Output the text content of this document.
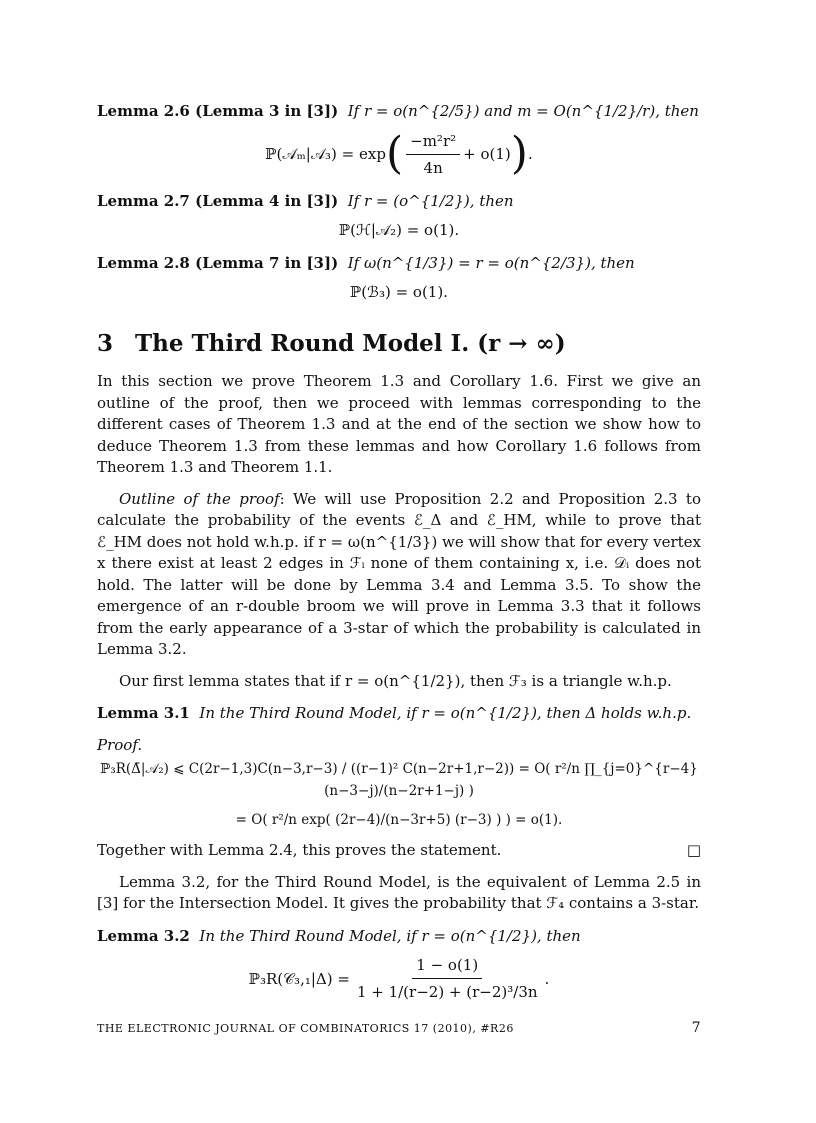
Lemma 2.6 (Lemma 3 in [3]) If r = o(n^{2/5}) and m = O(n^{1/2}/r), then
ℙ(𝒜ₘ|𝒜₃) = exp ( $\frac{\text{−m²r²}}{4n} + o(1)$ ) .
Lemma 2.7 (Lemma 4 in [3]) If r = (o^{1/2}), then
ℙ(ℋ|𝒜₂) = o(1).
Lemma 2.8 (Lemma 7 in [3]) If ω(n^{1/3}) = r = o(n^{2/3}), then
ℙ(ℬ₃) = o(1).
3 The Third Round Model I. (r → ∞)

In this section we prove Theorem 1.3 and Corollary 1.6. First we give an outline of the proof, then we proceed with lemmas corresponding to the different cases of Theorem 1.3 and at the end of the section we show how to deduce Theorem 1.3 from these lemmas and how Corollary 1.6 follows from Theorem 1.3 and Theorem 1.1.

Outline of the proof: We will use Proposition 2.2 and Proposition 2.3 to calculate the probability of the events ℰ_Δ and ℰ_HM, while to prove that ℰ_HM does not hold w.h.p. if r = ω(n^{1/3}) we will show that for every vertex x there exist at least 2 edges in ℱᵢ none of them containing x, i.e. 𝒟ᵢ does not hold. The latter will be done by Lemma 3.4 and Lemma 3.5. To show the emergence of an r-double broom we will prove in Lemma 3.3 that it follows from the early appearance of a 3-star of which the probability is calculated in Lemma 3.2.

Our first lemma states that if r = o(n^{1/2}), then ℱ₃ is a triangle w.h.p.

Lemma 3.1 In the Third Round Model, if r = o(n^{1/2}), then Δ holds w.h.p.
Proof.
ℙ₃R(Δ̄|𝒜₂) ⩽ C(2r−1,3)C(n−3,r−3) / ((r−1)² C(n−2r+1,r−2)) = O( r²/n ∏_{j=0}^{r−4} (n−3−j)/(n−2r+1−j) )
= O( r²/n exp( (2r−4)/(n−3r+5) (r−3) ) ) = o(1).

Together with Lemma 2.4, this proves the statement.	□

Lemma 3.2, for the Third Round Model, is the equivalent of Lemma 2.5 in [3] for the Intersection Model. It gives the probability that ℱ₄ contains a 3-star.

Lemma 3.2 In the Third Round Model, if r = o(n^{1/2}), then
ℙ₃R(𝒞₃,₁|Δ) = $\frac{1 - o(1)}{\text{1 + 1/(r−2) + (r−2)³/3n}}$ .
THE ELECTRONIC JOURNAL OF COMBINATORICS 17 (2010), #R26	7
